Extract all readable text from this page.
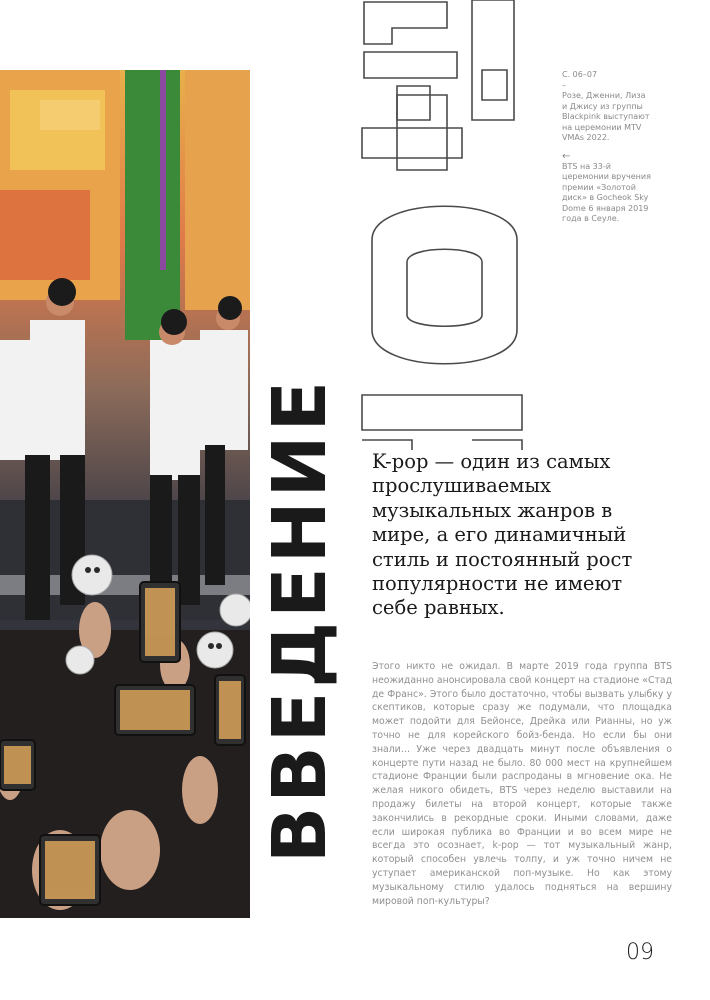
ВВЕДЕНИЕ

С. 06–07

–

Розе, Дженни, Лиза и Джису из группы Blackpink выступают на церемонии MTV VMAs 2022.

←

BTS на 33-й церемонии вручения премии «Золотой диск» в Gocheok Sky Dome 6 января 2019 года в Сеуле.

K-pop — один из самых прослушиваемых музыкальных жанров в мире, а его динамичный стиль и постоянный рост популярности не имеют себе равных.

Этого никто не ожидал. В марте 2019 года группа BTS неожиданно анонсировала свой концерт на стадионе «Стад де Франс». Этого было достаточно, чтобы вызвать улыбку у скептиков, которые сразу же подумали, что площадка может подойти для Бейонсе, Дрейка или Рианны, но уж точно не для корейского бойз-бенда. Но если бы они знали… Уже через двадцать минут после объявления о концерте пути назад не было. 80 000 мест на крупнейшем стадионе Франции были распроданы в мгновение ока. Не желая никого обидеть, BTS через неделю выставили на продажу билеты на второй концерт, которые также закончились в рекордные сроки. Иными словами, даже если широкая публика во Франции и во всем мире не всегда это осознает, k-pop — тот музыкальный жанр, который способен увлечь толпу, и уж точно ничем не уступает американской поп-музыке. Но как этому музыкальному стилю удалось подняться на вершину мировой поп-культуры?

09
